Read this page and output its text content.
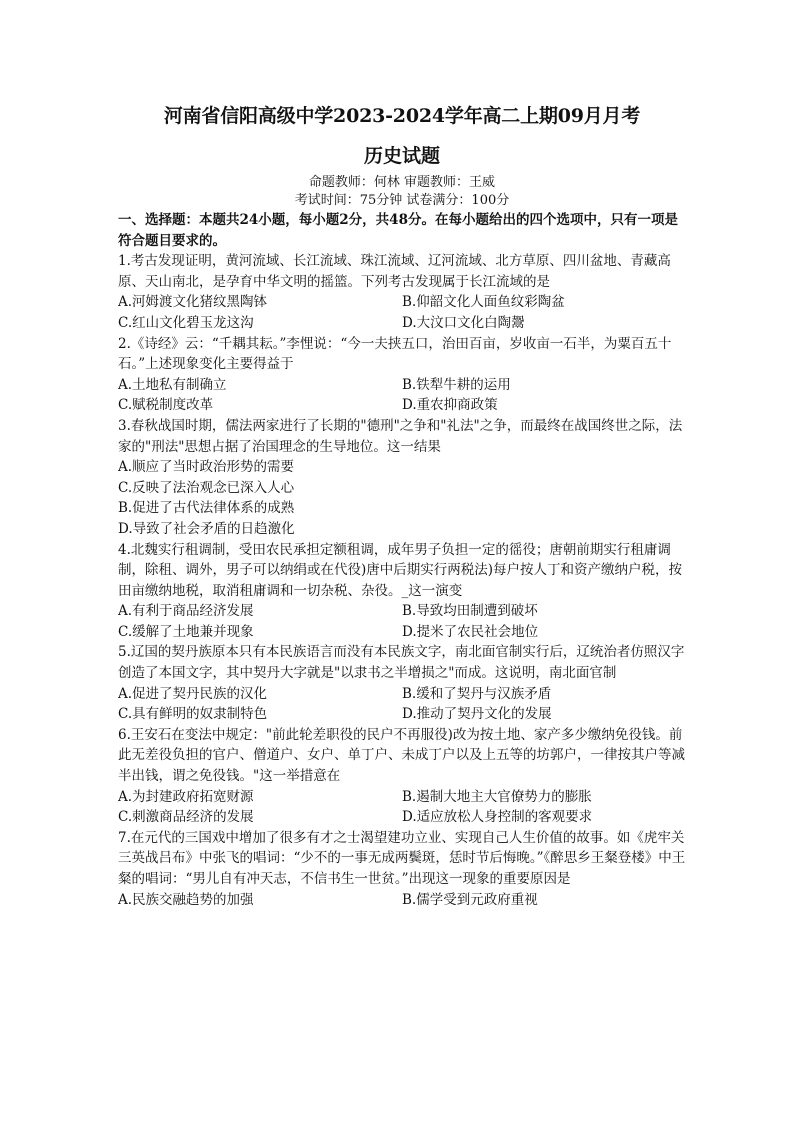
河南省信阳高级中学2023-2024学年高二上期09月月考
历史试题
命题教师：何林 审题教师：王威
考试时间：75分钟 试卷满分：100分
一、选择题：本题共24小题，每小题2分，共48分。在每小题给出的四个选项中，只有一项是符合题目要求的。
1.考古发现证明，黄河流域、长江流域、珠江流域、辽河流域、北方草原、四川盆地、青藏高原、天山南北，是孕育中华文明的摇篮。下列考古发现属于长江流域的是
A.河姆渡文化猪纹黑陶钵	B.仰韶文化人面鱼纹彩陶盆
C.红山文化碧玉龙这沟	D.大汶口文化白陶鬶
2.《诗经》云：“千耦其耘。”李悝说：“今一夫挟五口，治田百亩，岁收亩一石半，为粟百五十石。”上述现象变化主要得益于
A.土地私有制确立	B.铁犁牛耕的运用
C.赋税制度改革	D.重农抑商政策
3.春秋战国时期，儒法两家进行了长期的"德刑"之争和"礼法"之争，而最终在战国终世之际，法家的"刑法"思想占据了治国理念的生导地位。这一结果
A.顺应了当时政治形势的需要
C.反映了法治观念已深入人心
B.促进了古代法律体系的成熟
D.导致了社会矛盾的日趋激化
4.北魏实行租调制，受田农民承担定额租调，成年男子负担一定的徭役；唐朝前期实行租庸调制，除租、调外，男子可以纳绢或在代役)唐中后期实行两税法)每户按人丁和资产缴纳户税，按田亩缴纳地税，取消租庸调和一切杂税、杂役。_这一演变
A.有利于商品经济发展	B.导致均田制遭到破坏
C.缓解了土地兼并现象	D.提米了农民社会地位
5.辽国的契丹族原本只有本民族语言而没有本民族文字，南北面官制实行后，辽统治者仿照汉字创造了本国文字，其中契丹大字就是"以隶书之半增损之"而成。这说明，南北面官制
A.促进了契丹民族的汉化	B.缓和了契丹与汉族矛盾
C.具有鲜明的奴隶制特色	D.推动了契丹文化的发展
6.王安石在变法中规定："前此轮差职役的民户不再服役)改为按土地、家产多少缴纳免役钱。前此无差役负担的官户、僧道户、女户、单丁户、未成丁户以及上五等的坊郭户，一律按其户等减半出钱，谓之免役钱。"这一举措意在
A.为封建政府拓宽财源	B.遏制大地主大官僚势力的膨胀
C.刺激商品经济的发展	D.适应放松人身控制的客观要求
7.在元代的三国戏中增加了很多有才之士渴望建功立业、实现自己人生价值的故事。如《虎牢关三英战吕布》中张飞的唱词：“少不的一事无成两鬓斑，恁时节后悔晚。”《醉思乡王粲登楼》中王粲的唱词：“男儿自有冲天志，不信书生一世贫。”出现这一现象的重要原因是
A.民族交融趋势的加强	B.儒学受到元政府重视
